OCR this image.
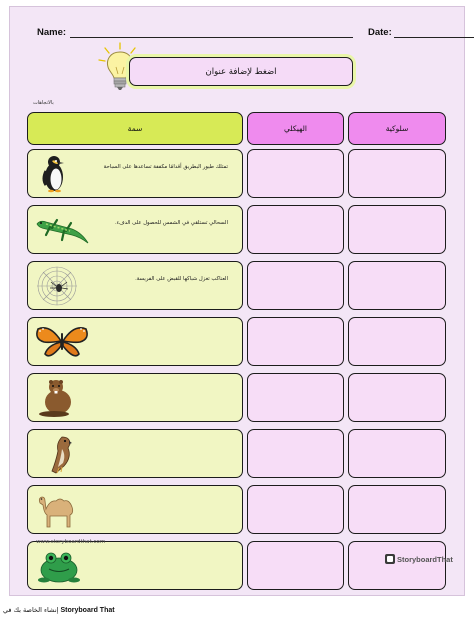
Name:	Date:
اضغط لإضافة عنوان
بالاتجاهات
سمة	الهيكلي	سلوكية
تمتلك طيور البطريق أقدامًا مكففة تساعدها على السباحة
السحالي تستلقي في الشمس للحصول على الدفء.
العناكب تغزل شباكها للقبض على الفريسة.
www.storyboardthat.com
StoryboardThat
إنشاء الخاصة بك في Storyboard That
